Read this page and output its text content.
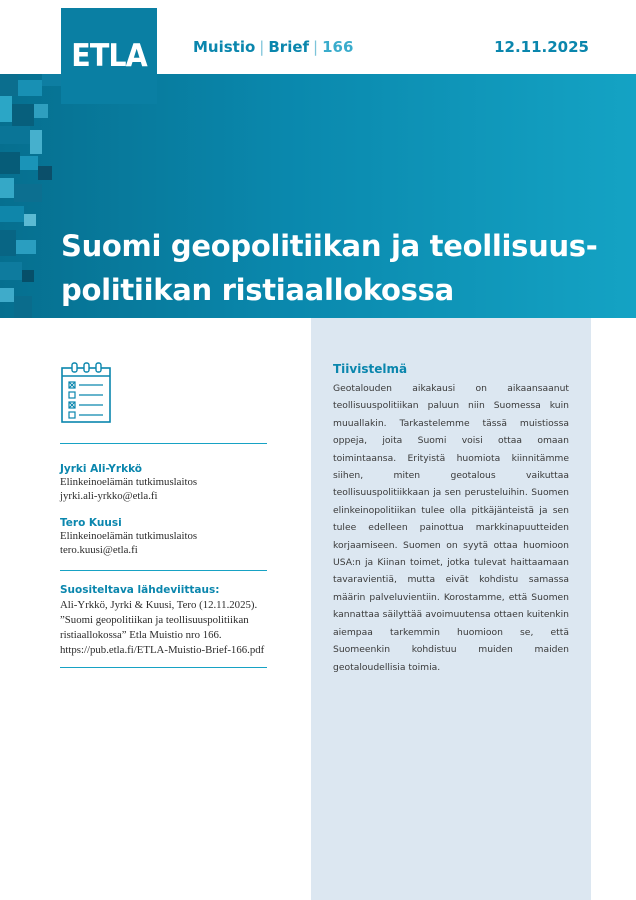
Muistio | Brief | 166	12.11.2025
ETLA
Suomi geopolitiikan ja teollisuus-
politiikan ristiaallokossa
Tiivistelmä
Geotalouden aikakausi on aikaansaanut teollisuuspolitiikan paluun niin Suomessa kuin muuallakin. Tarkastelemme tässä muistiossa oppeja, joita Suomi voisi ottaa omaan toimintaansa. Erityistä huomiota kiinnitämme siihen, miten geotalous vaikuttaa teollisuuspolitiikkaan ja sen perusteluihin. Suomen elinkeinopolitiikan tulee olla pitkäjänteistä ja sen tulee edelleen painottua markkinapuutteiden korjaamiseen. Suomen on syytä ottaa huomioon USA:n ja Kiinan toimet, jotka tulevat haittaamaan tavaravientiä, mutta eivät kohdistu samassa määrin palveluvientiin. Korostamme, että Suomen kannattaa säilyttää avoimuutensa ottaen kuitenkin aiempaa tarkemmin huomioon se, että Suomeenkin kohdistuu muiden maiden geotaloudellisia toimia.
Jyrki Ali-Yrkkö
Elinkeinoelämän tutkimuslaitos
jyrki.ali-yrkko@etla.fi
Tero Kuusi
Elinkeinoelämän tutkimuslaitos
tero.kuusi@etla.fi
Suositeltava lähdeviittaus:
Ali-Yrkkö, Jyrki & Kuusi, Tero (12.11.2025).
”Suomi geopolitiikan ja teollisuuspolitiikan
ristiaallokossa” Etla Muistio nro 166.
https://pub.etla.fi/ETLA-Muistio-Brief-166.pdf
